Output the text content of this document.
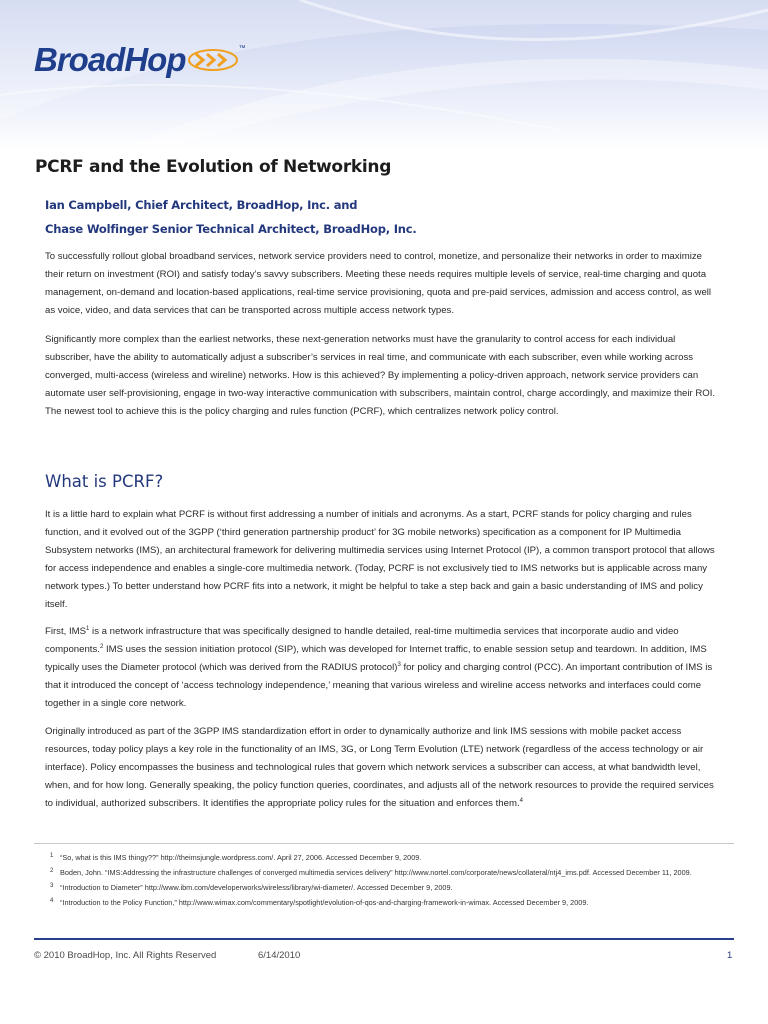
BroadHop	™
PCRF and the Evolution of Networking
Ian Campbell, Chief Architect, BroadHop, Inc. and
Chase Wolfinger Senior Technical Architect, BroadHop, Inc.

To successfully rollout global broadband services, network service providers need to control, monetize, and personalize their networks in order to maximize their return on investment (ROI) and satisfy today’s savvy subscribers. Meeting these needs requires multiple levels of service, real-time charging and quota management, on-demand and location-based applications, real-time service provisioning, quota and pre-paid services, admission and access control, as well as voice, video, and data services that can be transported across multiple access network types.

Significantly more complex than the earliest networks, these next-generation networks must have the granularity to control access for each individual subscriber, have the ability to automatically adjust a subscriber’s services in real time, and communicate with each subscriber, even while working across converged, multi-access (wireless and wireline) networks. How is this achieved? By implementing a policy-driven approach, network service providers can automate user self-provisioning, engage in two-way interactive communication with subscribers, maintain control, charge accordingly, and maximize their ROI. The newest tool to achieve this is the policy charging and rules function (PCRF), which centralizes network policy control.

What is PCRF?

It is a little hard to explain what PCRF is without first addressing a number of initials and acronyms. As a start, PCRF stands for policy charging and rules function, and it evolved out of the 3GPP (‘third generation partnership product’ for 3G mobile networks) specification as a component for IP Multimedia Subsystem networks (IMS), an architectural framework for delivering multimedia services using Internet Protocol (IP), a common transport protocol that allows for access independence and enables a single-core multimedia network. (Today, PCRF is not exclusively tied to IMS networks but is applicable across many network types.) To better understand how PCRF fits into a network, it might be helpful to take a step back and gain a basic understanding of IMS and policy itself.

First, IMS$^1$ is a network infrastructure that was specifically designed to handle detailed, real-time multimedia services that incorporate audio and video components.$^2$ IMS uses the session initiation protocol (SIP), which was developed for Internet traffic, to enable session setup and teardown. In addition, IMS typically uses the Diameter protocol (which was derived from the RADIUS protocol)$^3$ for policy and charging control (PCC). An important contribution of IMS is that it introduced the concept of ‘access technology independence,’ meaning that various wireless and wireline access networks and interfaces could come together in a single core network.

Originally introduced as part of the 3GPP IMS standardization effort in order to dynamically authorize and link IMS sessions with mobile packet access resources, today policy plays a key role in the functionality of an IMS, 3G, or Long Term Evolution (LTE) network (regardless of the access technology or air interface). Policy encompasses the business and technological rules that govern which network services a subscriber can access, at what bandwidth level, when, and for how long. Generally speaking, the policy function queries, coordinates, and adjusts all of the network resources to provide the required services to individual, authorized subscribers. It identifies the appropriate policy rules for the situation and enforces them.$^4$

1 “So, what is this IMS thingy??” http://theimsjungle.wordpress.com/. April 27, 2006. Accessed December 9, 2009.
2 Boden, John. “IMS:Addressing the infrastructure challenges of converged multimedia services delivery” http://www.nortel.com/corporate/news/collateral/ntj4_ims.pdf. Accessed December 11, 2009.
3 “Introduction to Diameter” http://www.ibm.com/developerworks/wireless/library/wi-diameter/. Accessed December 9, 2009.
4 “Introduction to the Policy Function,” http://www.wimax.com/commentary/spotlight/evolution-of-qos-and-charging-framework-in-wimax. Accessed December 9, 2009.
© 2010 BroadHop, Inc. All Rights Reserved	6/14/2010	1
